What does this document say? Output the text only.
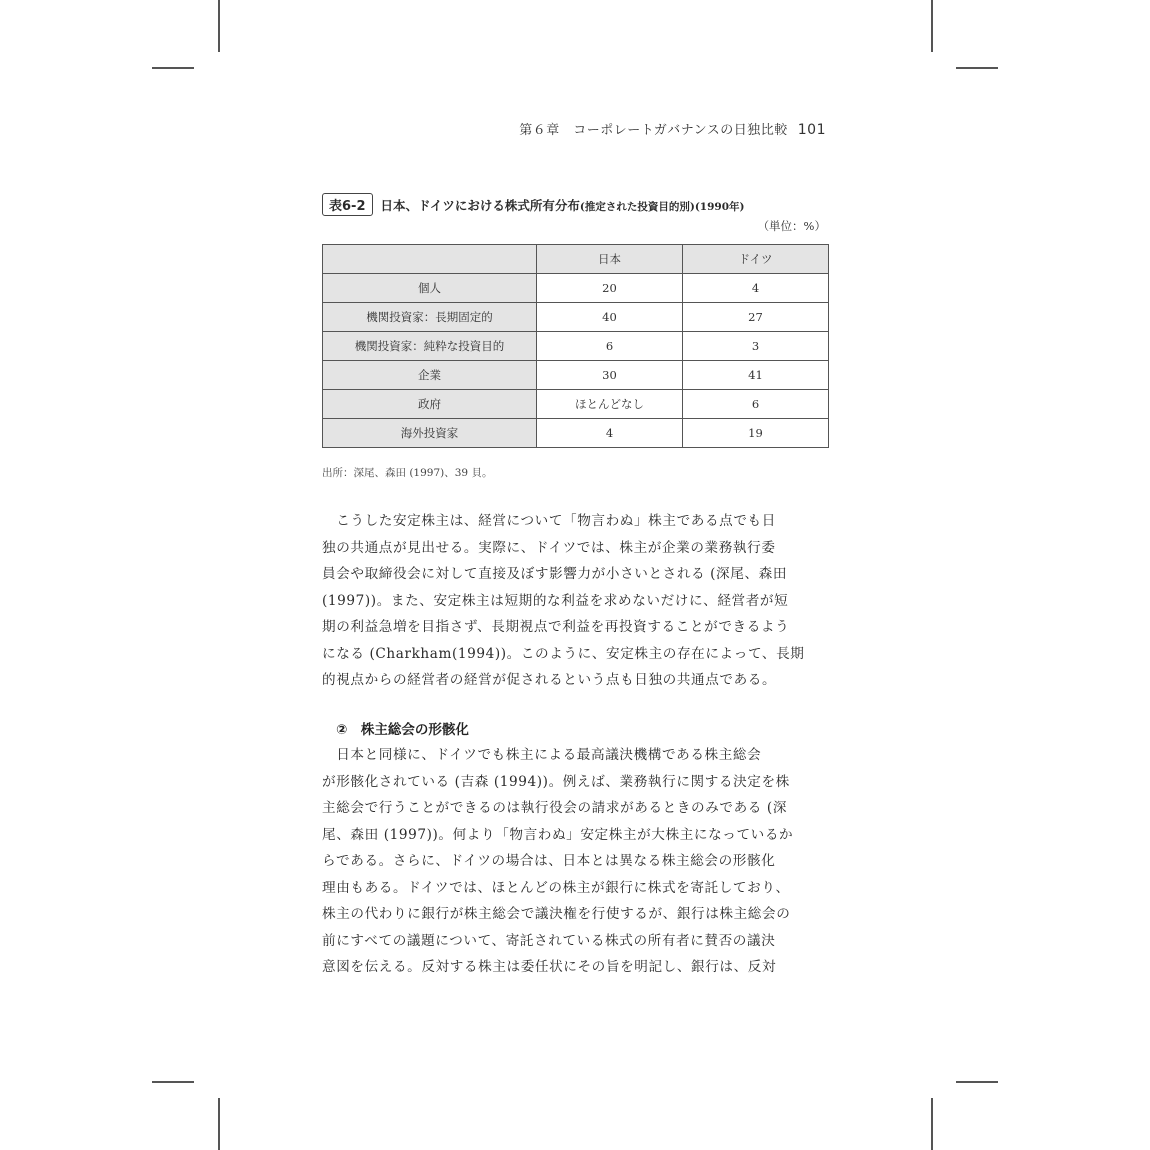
第６章　コーポレートガバナンスの日独比較 101
表6-2 日本、ドイツにおける株式所有分布(推定された投資目的別)(1990年)
（単位：%）
	日本	ドイツ
個人	20	4
機関投資家：長期固定的	40	27
機関投資家：純粋な投資目的	6	3
企業	30	41
政府	ほとんどなし	6
海外投資家	4	19
出所：深尾、森田 (1997)、39 貝。
　こうした安定株主は、経営について「物言わぬ」株主である点でも日
独の共通点が見出せる。実際に、ドイツでは、株主が企業の業務執行委
員会や取締役会に対して直接及ぼす影響力が小さいとされる (深尾、森田
(1997))。また、安定株主は短期的な利益を求めないだけに、経営者が短
期の利益急増を目指さず、長期視点で利益を再投資することができるよう
になる (Charkham(1994))。このように、安定株主の存在によって、長期
的視点からの経営者の経営が促されるという点も日独の共通点である。
②　株主総会の形骸化
　日本と同様に、ドイツでも株主による最高議決機構である株主総会
が形骸化されている (吉森 (1994))。例えば、業務執行に関する決定を株
主総会で行うことができるのは執行役会の請求があるときのみである (深
尾、森田 (1997))。何より「物言わぬ」安定株主が大株主になっているか
らである。さらに、ドイツの場合は、日本とは異なる株主総会の形骸化
理由もある。ドイツでは、ほとんどの株主が銀行に株式を寄託しており、
株主の代わりに銀行が株主総会で議決権を行使するが、銀行は株主総会の
前にすべての議題について、寄託されている株式の所有者に賛否の議決
意図を伝える。反対する株主は委任状にその旨を明記し、銀行は、反対
